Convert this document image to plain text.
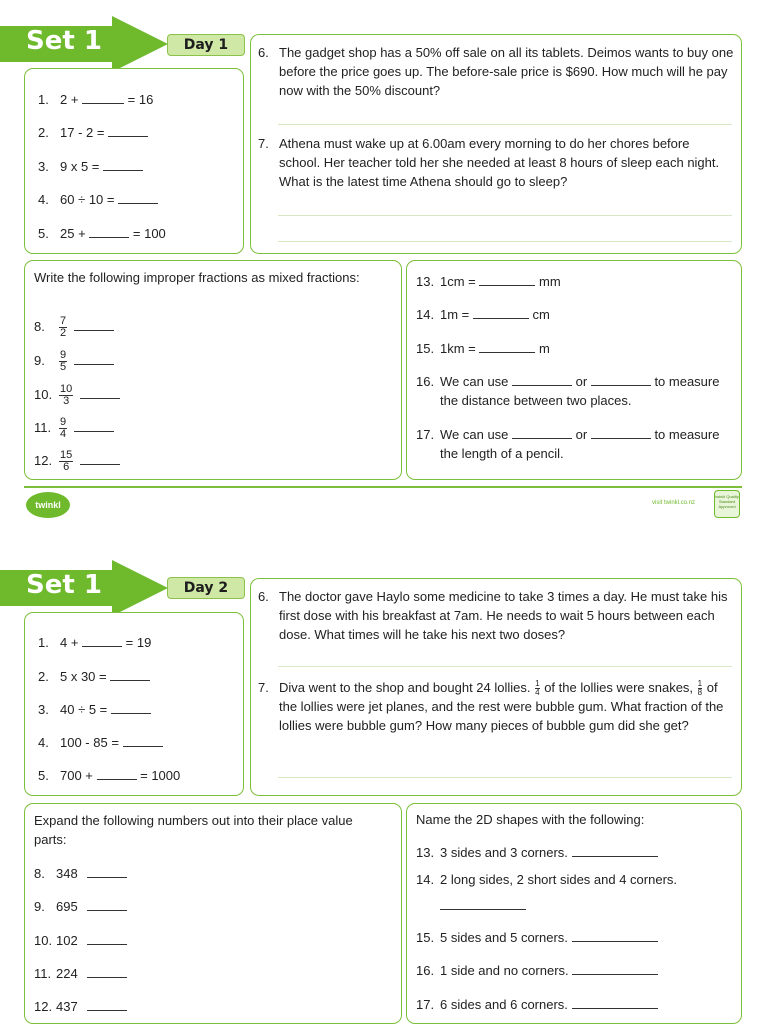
Set 1	Day 1
1. 2 +	= 16
2. 17 - 2 =
3. 9 x 5 =
4. 60 ÷ 10 =
5. 25 +	= 100
6. The gadget shop has a 50% off sale on all its tablets. Deimos wants to buy one before the price goes up. The before-sale price is $690. How much will he pay now with the 50% discount?
7. Athena must wake up at 6.00am every morning to do her chores before school. Her teacher told her she needed at least 8 hours of sleep each night. What is the latest time Athena should go to sleep?
Write the following improper fractions as mixed fractions:
8. $\frac{7}{2}$

9. $\frac{9}{5}$

10. $\frac{10}{3}$

11. $\frac{9}{4}$

12. $\frac{15}{6}$

13. 1cm =	mm
14. 1m =	cm
15. 1km =	m
16. We can use	or	to measure
the distance between two places.
17. We can use	or	to measure
the length of a pencil.
twinkl	visit twinkl.co.nz
twinkl Quality Standard Approved
Set 1	Day 2
1. 4 +	= 19
2. 5 x 30 =
3. 40 ÷ 5 =
4. 100 - 85 =
5. 700 +	= 1000
6. The doctor gave Haylo some medicine to take 3 times a day. He must take his first dose with his breakfast at 7am. He needs to wait 5 hours between each dose. What times will he take his next two doses?
7. Diva went to the shop and bought 24 lollies. $\frac{1}{4}$ of the lollies were snakes, $\frac{1}{8}$ of the lollies were jet planes, and the rest were bubble gum. What fraction of the lollies were bubble gum? How many pieces of bubble gum did she get?
Expand the following numbers out into their place value parts:
8. 348
9. 695
10. 102
11. 224
12. 437
Name the 2D shapes with the following:
13. 3 sides and 3 corners.
14. 2 long sides, 2 short sides and 4 corners.
15. 5 sides and 5 corners.
16. 1 side and no corners.
17. 6 sides and 6 corners.
